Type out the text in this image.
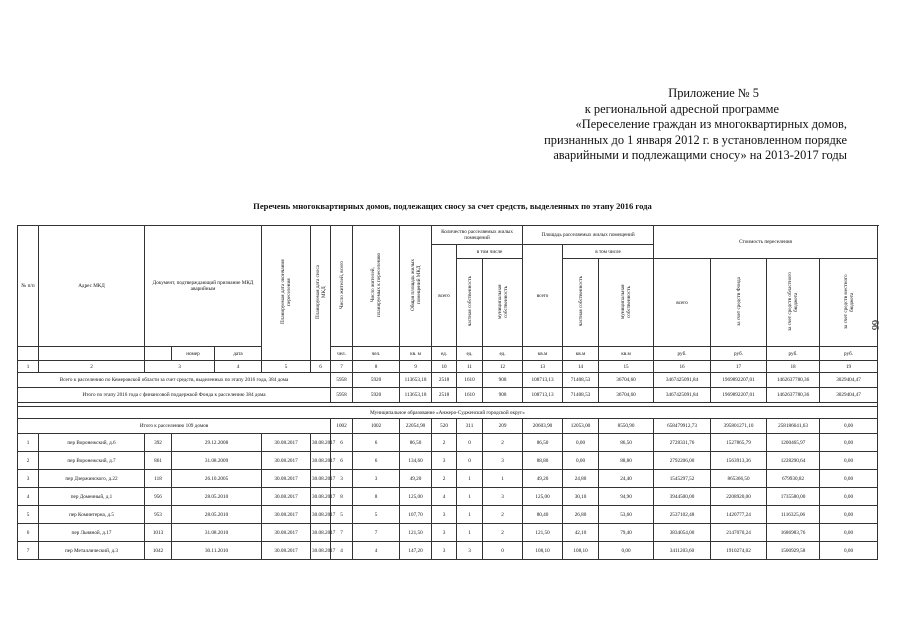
Приложение № 5
к региональной адресной программе
«Переселение граждан из многоквартирных домов,
признанных до 1 января 2012 г. в установленном порядке
аварийными и подлежащими сносу» на 2013-2017 годы
Перечень многоквартирных домов, подлежащих сносу за счет средств, выделенных по этапу 2016 года
66
№ п/п	Адрес МКД	Документ, подтверждающий признание МКД аварийным			Планируемая дата окончания переселения	Планируемая дата сноса МКД	Число жителей, всего	Число жителей, планируемых к переселению	Общая площадь жилых помещений МКД	Количество расселяемых жилых помещений			Площадь расселяемых жилых помещений			Стоимость переселения				
										всего	в том числе		всего	в том числе						
											частная собственность	муниципальная собственность		частная собственность	муниципальная собственность	всего	за счет средств Фонда	за счет средств областного бюджета	за счет средств местного бюджета	
			номер	дата			чел.	чел.	кв. м	ед.	ед.	ед.	кв.м	кв.м	кв.м	руб.	руб.	руб.	руб.	
1	2	3		4	5	6	7	8	9	10	11	12	13	14	15	16	17	18	19	
Всего к расселению по Кемеровской области за счет средств, выделенных по этапу 2016 года, 384 дома							5958	5920	113653,18	2518	1610	908	108713,13	71408,53	36704,60	3467425091,84	1969892207,01	1462637780,36	3029404,47	
Итого по этапу 2016 года с финансовой поддержкой Фонда к расселению 384 дома							5958	5920	113653,18	2518	1610	908	108713,13	71408,53	36704,60	3467425091,84	1969892207,01	1462637780,36	3029404,47	

Муниципальное образование «Анжеро-Судженский городской округ»																				
Итого к расселению 109 домов							1002	1002	22054,90	520	311	209	20603,90	12053,00	8550,90	658479912,73	395801271,10	258186641,63	0,00	
1	пер Воронежский, д.6	392	29.12.2008		30.08.2017	30.08.2017	6	6	86,50	2	0	2	86,50	0,00	86,50	2728331,76	1527865,79	1200465,97	0,00	
2	пер Воронежский, д.7	861	31.08.2009		30.08.2017	30.08.2017	6	6	134,60	3	0	3	88,80	0,00	88,80	2792206,00	1563913,36	1228290,64	0,00	
3	пер Дзержинского, д.22	118	26.10.2005		30.08.2017	30.08.2017	3	3	49,20	2	1	1	49,20	24,80	24,40	1545297,52	865366,50	679930,82	0,00	
4	пер Доменный, д.1	956	28.05.2010		30.08.2017	30.08.2017	8	8	125,00	4	1	3	125,00	30,10	94,90	3944500,00	2208920,00	1735580,00	0,00	
5	пер Коминтерна, д.5	953	28.05.2010		30.08.2017	30.08.2017	5	5	107,70	3	1	2	80,40	26,80	53,60	2537102,48	1420777,24	1116325,06	0,00	
6	пер Льняной, д.17	1013	31.08.2010		30.08.2017	30.08.2017	7	7	121,50	3	1	2	121,50	42,10	79,40	3834054,00	2147070,24	1686983,76	0,00	
7	пер Металлический, д.3	1042	30.11.2010		30.08.2017	30.08.2017	4	4	147,20	3	3	0	108,10	108,10	0,00	3411203,60	1910274,02	1500929,58	0,00	
